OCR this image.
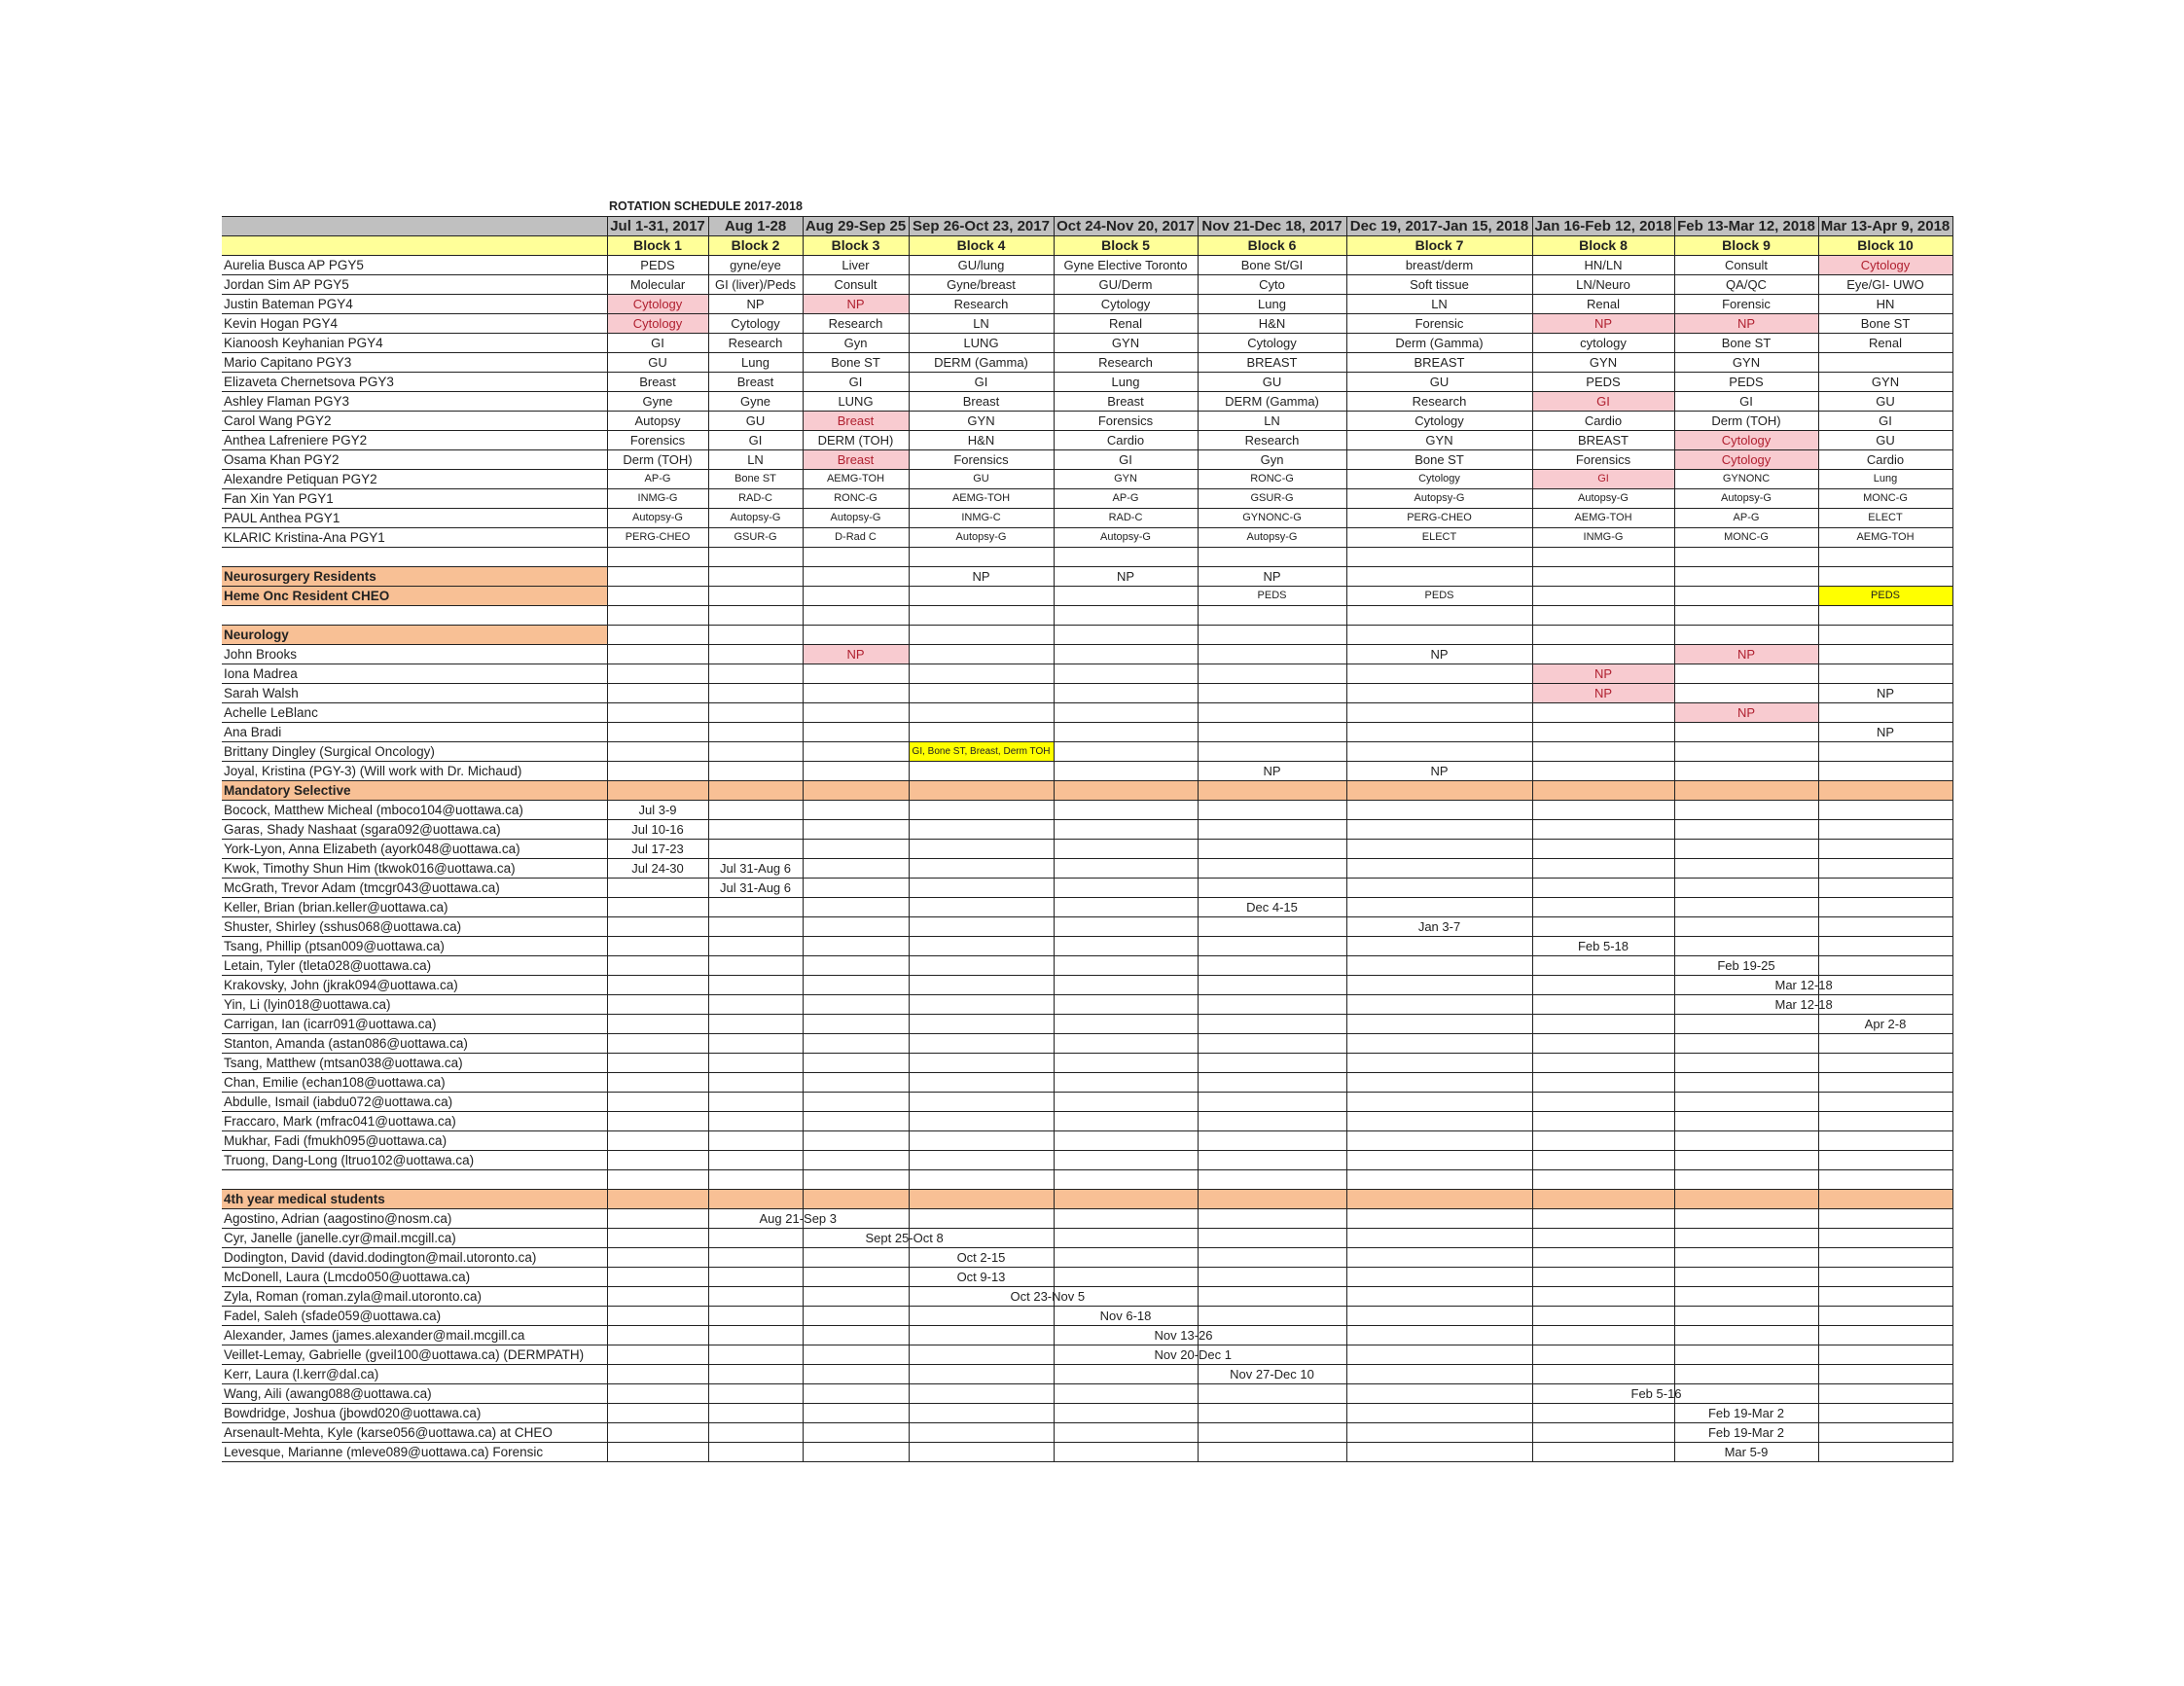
	ROTATION SCHEDULE 2017-2018									
	Jul 1-31, 2017	Aug 1-28	Aug 29-Sep 25	Sep 26-Oct 23, 2017	Oct 24-Nov 20, 2017	Nov 21-Dec 18, 2017	Dec 19, 2017-Jan 15, 2018	Jan 16-Feb 12, 2018	Feb 13-Mar 12, 2018	Mar 13-Apr 9, 2018
	Block 1	Block 2	Block 3	Block 4	Block 5	Block 6	Block 7	Block 8	Block 9	Block 10
Aurelia Busca AP PGY5	PEDS	gyne/eye	Liver	GU/lung	Gyne Elective Toronto	Bone St/GI	breast/derm	HN/LN	Consult	Cytology
Jordan Sim AP PGY5	Molecular	GI (liver)/Peds	Consult	Gyne/breast	GU/Derm	Cyto	Soft tissue	LN/Neuro	QA/QC	Eye/GI- UWO
Justin Bateman PGY4	Cytology	NP	NP	Research	Cytology	Lung	LN	Renal	Forensic	HN
Kevin Hogan PGY4	Cytology	Cytology	Research	LN	Renal	H&N	Forensic	NP	NP	Bone ST
Kianoosh Keyhanian PGY4	GI	Research	Gyn	LUNG	GYN	Cytology	Derm (Gamma)	cytology	Bone ST	Renal
Mario Capitano PGY3	GU	Lung	Bone ST	DERM (Gamma)	Research	BREAST	BREAST	GYN	GYN	
Elizaveta Chernetsova PGY3	Breast	Breast	GI	GI	Lung	GU	GU	PEDS	PEDS	GYN
Ashley Flaman PGY3	Gyne	Gyne	LUNG	Breast	Breast	DERM (Gamma)	Research	GI	GI	GU
Carol Wang PGY2	Autopsy	GU	Breast	GYN	Forensics	LN	Cytology	Cardio	Derm (TOH)	GI
Anthea Lafreniere PGY2	Forensics	GI	DERM (TOH)	H&N	Cardio	Research	GYN	BREAST	Cytology	GU
Osama Khan PGY2	Derm (TOH)	LN	Breast	Forensics	GI	Gyn	Bone ST	Forensics	Cytology	Cardio
Alexandre Petiquan PGY2	AP-G	Bone ST	AEMG-TOH	GU	GYN	RONC-G	Cytology	GI	GYNONC	Lung
Fan Xin Yan PGY1	INMG-G	RAD-C	RONC-G	AEMG-TOH	AP-G	GSUR-G	Autopsy-G	Autopsy-G	Autopsy-G	MONC-G
PAUL Anthea PGY1	Autopsy-G	Autopsy-G	Autopsy-G	INMG-C	RAD-C	GYNONC-G	PERG-CHEO	AEMG-TOH	AP-G	ELECT
KLARIC Kristina-Ana PGY1	PERG-CHEO	GSUR-G	D-Rad C	Autopsy-G	Autopsy-G	Autopsy-G	ELECT	INMG-G	MONC-G	AEMG-TOH

Neurosurgery Residents				NP	NP	NP				
Heme Onc Resident CHEO						PEDS	PEDS			PEDS

Neurology										
John Brooks			NP				NP		NP	
Iona Madrea								NP		
Sarah Walsh								NP		NP
Achelle LeBlanc									NP	
Ana Bradi										NP
Brittany Dingley (Surgical Oncology)				GI, Bone ST, Breast, Derm TOH						
Joyal, Kristina (PGY-3) (Will work with Dr. Michaud)						NP	NP			
Mandatory Selective										
Bocock, Matthew Micheal (mboco104@uottawa.ca)	Jul 3-9									

Garas, Shady Nashaat (sgara092@uottawa.ca)	Jul 10-16									

York-Lyon, Anna Elizabeth (ayork048@uottawa.ca)	Jul 17-23									

Kwok, Timothy Shun Him (tkwok016@uottawa.ca)	Jul 24-30	Jul 31-Aug 6								

McGrath, Trevor Adam (tmcgr043@uottawa.ca)		Jul 31-Aug 6								

Keller, Brian (brian.keller@uottawa.ca)						Dec 4-15				

Shuster, Shirley (sshus068@uottawa.ca)							Jan 3-7			

Tsang, Phillip (ptsan009@uottawa.ca)								Feb 5-18		

Letain, Tyler (tleta028@uottawa.ca)									Feb 19-25	

Krakovsky, John (jkrak094@uottawa.ca)									Mar 12-18	

Yin, Li (lyin018@uottawa.ca)									Mar 12-18	

Carrigan, Ian (icarr091@uottawa.ca)										Apr 2-8

Stanton, Amanda (astan086@uottawa.ca)										
Tsang, Matthew (mtsan038@uottawa.ca)										
Chan, Emilie (echan108@uottawa.ca)										
Abdulle, Ismail (iabdu072@uottawa.ca)										
Fraccaro, Mark (mfrac041@uottawa.ca)										
Mukhar, Fadi (fmukh095@uottawa.ca)										
Truong, Dang-Long (ltruo102@uottawa.ca)										

4th year medical students										
Agostino, Adrian (aagostino@nosm.ca)		Aug 21-Sep 3								

Cyr, Janelle (janelle.cyr@mail.mcgill.ca)			Sept 25-Oct 8							

Dodington, David (david.dodington@mail.utoronto.ca)				Oct 2-15						

McDonell, Laura (Lmcdo050@uottawa.ca)				Oct 9-13						

Zyla, Roman (roman.zyla@mail.utoronto.ca)				Oct 23-Nov 5						

Fadel, Saleh (sfade059@uottawa.ca)					Nov 6-18					

Alexander, James (james.alexander@mail.mcgill.ca					Nov 13-26					

Veillet-Lemay, Gabrielle (gveil100@uottawa.ca) (DERMPATH)					Nov 20-Dec 1					

Kerr, Laura (l.kerr@dal.ca)						Nov 27-Dec 10				

Wang, Aili (awang088@uottawa.ca)								Feb 5-16		

Bowdridge, Joshua (jbowd020@uottawa.ca)									Feb 19-Mar 2	

Arsenault-Mehta, Kyle (karse056@uottawa.ca) at CHEO									Feb 19-Mar 2	

Levesque, Marianne (mleve089@uottawa.ca) Forensic									Mar 5-9	
